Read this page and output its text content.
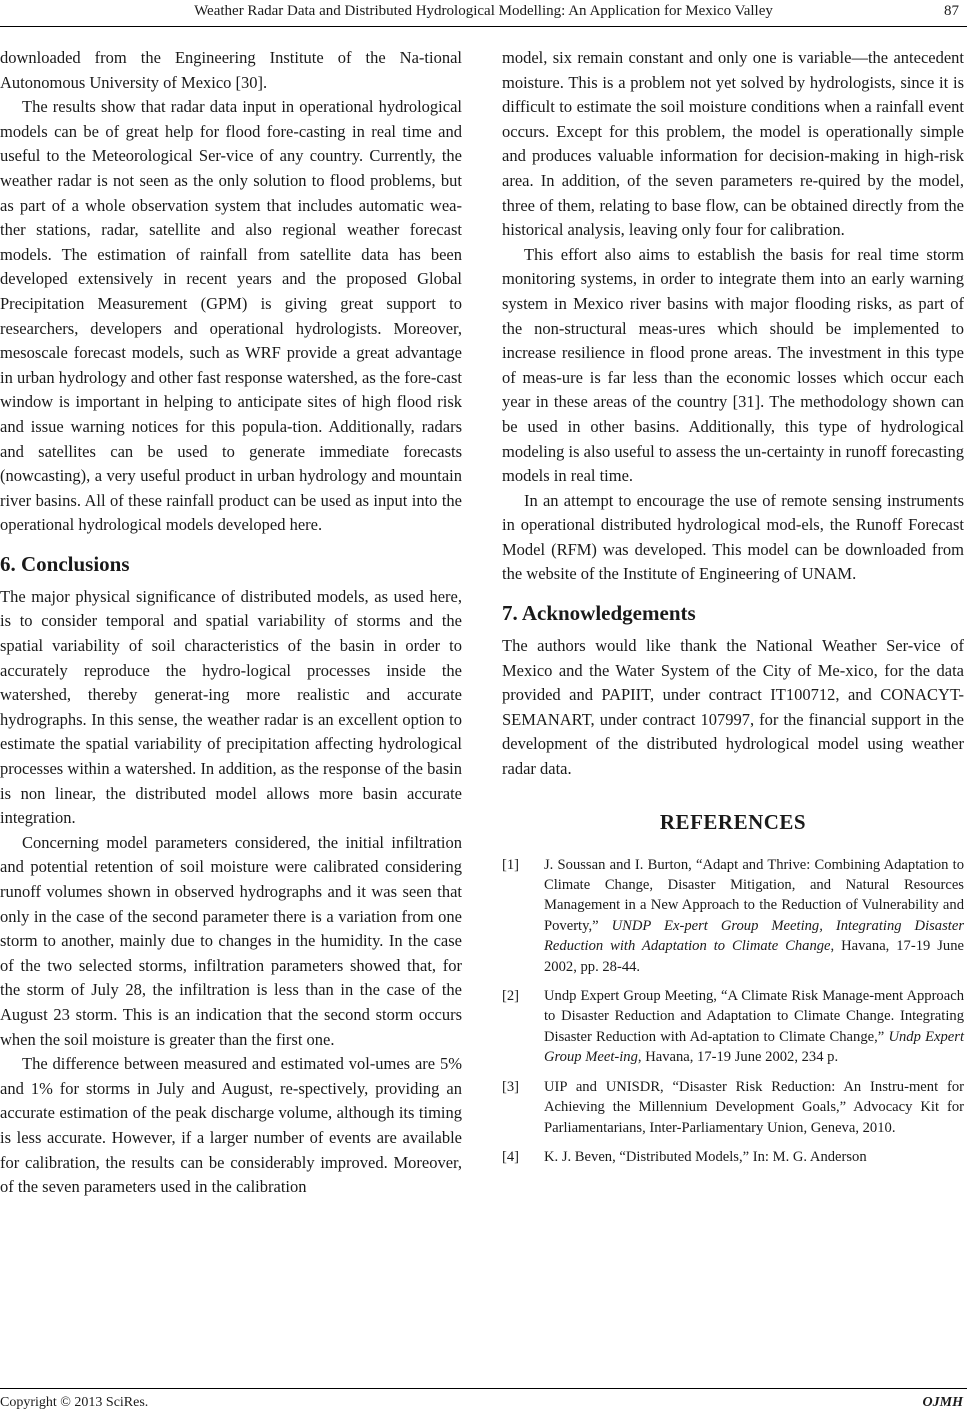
Weather Radar Data and Distributed Hydrological Modelling: An Application for Mexico Valley	87

downloaded from the Engineering Institute of the Na-tional Autonomous University of Mexico [30].

The results show that radar data input in operational hydrological models can be of great help for flood fore-casting in real time and useful to the Meteorological Ser-vice of any country. Currently, the weather radar is not seen as the only solution to flood problems, but as part of a whole observation system that includes automatic wea-ther stations, radar, satellite and also regional weather forecast models. The estimation of rainfall from satellite data has been developed extensively in recent years and the proposed Global Precipitation Measurement (GPM) is giving great support to researchers, developers and operational hydrologists. Moreover, mesoscale forecast models, such as WRF provide a great advantage in urban hydrology and other fast response watershed, as the fore-cast window is important in helping to anticipate sites of high flood risk and issue warning notices for this popula-tion. Additionally, radars and satellites can be used to generate immediate forecasts (nowcasting), a very useful product in urban hydrology and mountain river basins. All of these rainfall product can be used as input into the operational hydrological models developed here.

6. Conclusions

The major physical significance of distributed models, as used here, is to consider temporal and spatial variability of storms and the spatial variability of soil characteristics of the basin in order to accurately reproduce the hydro-logical processes inside the watershed, thereby generat-ing more realistic and accurate hydrographs. In this sense, the weather radar is an excellent option to estimate the spatial variability of precipitation affecting hydrological processes within a watershed. In addition, as the response of the basin is non linear, the distributed model allows more basin accurate integration.

Concerning model parameters considered, the initial infiltration and potential retention of soil moisture were calibrated considering runoff volumes shown in observed hydrographs and it was seen that only in the case of the second parameter there is a variation from one storm to another, mainly due to changes in the humidity. In the case of the two selected storms, infiltration parameters showed that, for the storm of July 28, the infiltration is less than in the case of the August 23 storm. This is an indication that the second storm occurs when the soil moisture is greater than the first one.

The difference between measured and estimated vol-umes are 5% and 1% for storms in July and August, re-spectively, providing an accurate estimation of the peak discharge volume, although its timing is less accurate. However, if a larger number of events are available for calibration, the results can be considerably improved. Moreover, of the seven parameters used in the calibration

model, six remain constant and only one is variable—the antecedent moisture. This is a problem not yet solved by hydrologists, since it is difficult to estimate the soil moisture conditions when a rainfall event occurs. Except for this problem, the model is operationally simple and produces valuable information for decision-making in high-risk area. In addition, of the seven parameters re-quired by the model, three of them, relating to base flow, can be obtained directly from the historical analysis, leaving only four for calibration.

This effort also aims to establish the basis for real time storm monitoring systems, in order to integrate them into an early warning system in Mexico river basins with major flooding risks, as part of the non-structural meas-ures which should be implemented to increase resilience in flood prone areas. The investment in this type of meas-ure is far less than the economic losses which occur each year in these areas of the country [31]. The methodology shown can be used in other basins. Additionally, this type of hydrological modeling is also useful to assess the un-certainty in runoff forecasting models in real time.

In an attempt to encourage the use of remote sensing instruments in operational distributed hydrological mod-els, the Runoff Forecast Model (RFM) was developed. This model can be downloaded from the website of the Institute of Engineering of UNAM.

7. Acknowledgements

The authors would like thank the National Weather Ser-vice of Mexico and the Water System of the City of Me-xico, for the data provided and PAPIIT, under contract IT100712, and CONACYT-SEMANART, under contract 107997, for the financial support in the development of the distributed hydrological model using weather radar data.

REFERENCES
[1] J. Soussan and I. Burton, “Adapt and Thrive: Combining Adaptation to Climate Change, Disaster Mitigation, and Natural Resources Management in a New Approach to the Reduction of Vulnerability and Poverty,” UNDP Ex-pert Group Meeting, Integrating Disaster Reduction with Adaptation to Climate Change, Havana, 17-19 June 2002, pp. 28-44.
[2] Undp Expert Group Meeting, “A Climate Risk Manage-ment Approach to Disaster Reduction and Adaptation to Climate Change. Integrating Disaster Reduction with Ad-aptation to Climate Change,” Undp Expert Group Meet-ing, Havana, 17-19 June 2002, 234 p.
[3] UIP and UNISDR, “Disaster Risk Reduction: An Instru-ment for Achieving the Millennium Development Goals,” Advocacy Kit for Parliamentarians, Inter-Parliamentary Union, Geneva, 2010.
[4] K. J. Beven, “Distributed Models,” In: M. G. Anderson
Copyright © 2013 SciRes.	OJMH
